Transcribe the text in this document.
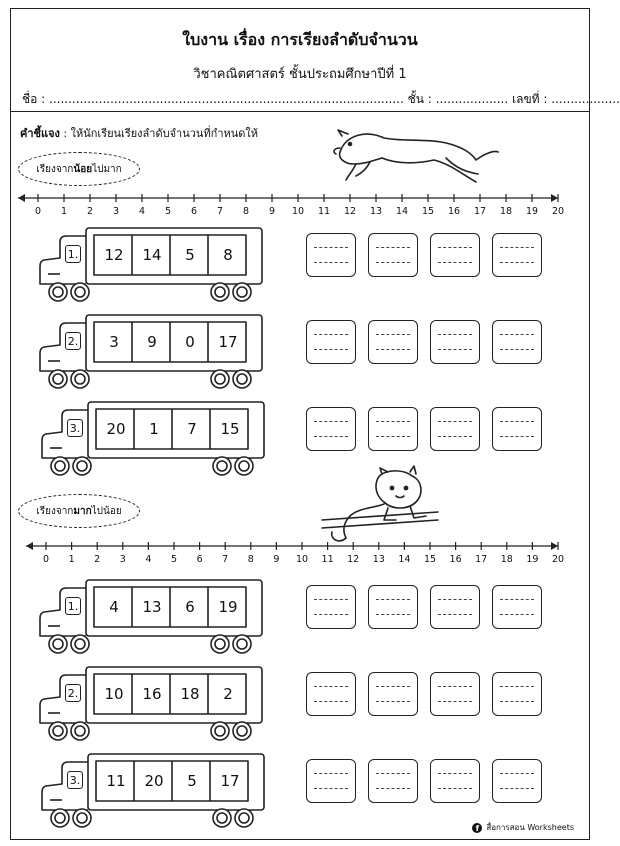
ใบงาน เรื่อง การเรียงลำดับจำนวน
วิชาคณิตศาสตร์ ชั้นประถมศึกษาปีที่ 1
ชื่อ : ............................................................................................. ชั้น : ................... เลขที่ : ..................
คำชี้แจง : ให้นักเรียนเรียงลำดับจำนวนที่กำหนดให้
เรียงจาก น้อย ไปมาก
0 1 2 3 4 5 6 7 8 9 10 11 12 13 14 15 16 17 18 19 20
1.	12	14	5	8
2.	3	9	0	17
3.	20	1	7	15
เรียงจาก มาก ไปน้อย
0 1 2 3 4 5 6 7 8 9 10 11 12 13 14 15 16 17 18 19 20
1.	4	13	6	19
2.	10	16	18	2
3.	11	20	5	17
f สื่อการสอน Worksheets
